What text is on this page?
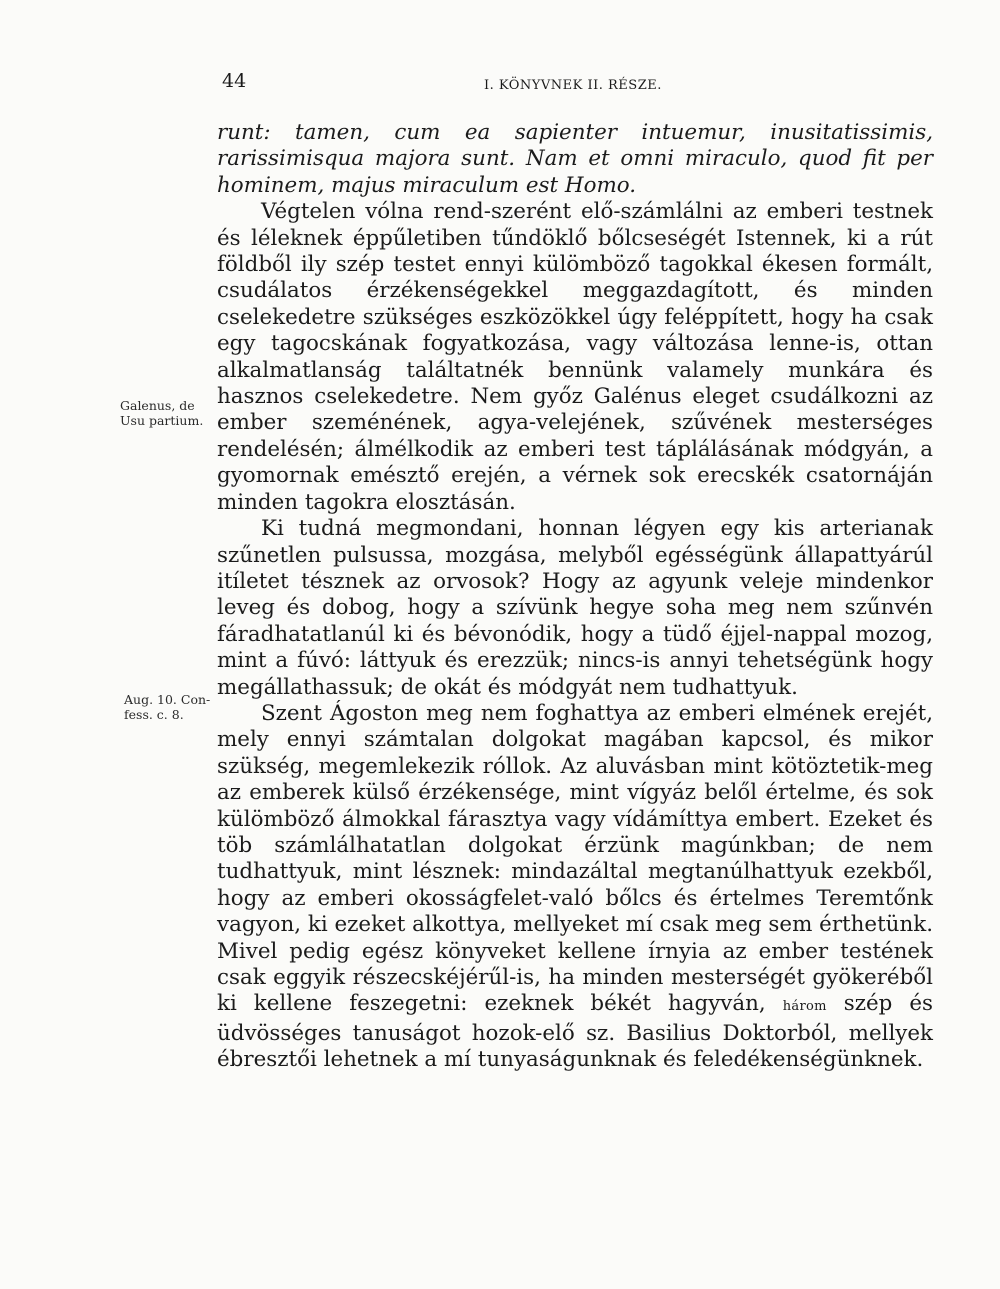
44	I. KÖNYVNEK II. RÉSZE.
Galenus, de Usu partium.
Aug. 10. Con-fess. c. 8.

runt: tamen, cum ea sapienter intuemur, inusitatissimis, rarissimisqua majora sunt. Nam et omni miraculo, quod fit per hominem, majus miraculum est Homo.

Végtelen vólna rend-szerént elő-számlálni az emberi testnek és léleknek éppűletiben tűndöklő bőlcseségét Istennek, ki a rút földből ily szép testet ennyi külömböző tagokkal ékesen formált, csudálatos érzékenségekkel meggazdagított, és minden cselekedetre szükséges eszközökkel úgy feléppített, hogy ha csak egy tagocskának fogyatkozása, vagy változása lenne-is, ottan alkalmatlanság találtatnék bennünk valamely munkára és hasznos cselekedetre. Nem győz Galénus eleget csudálkozni az ember szeménének, agya-velejének, szűvének mesterséges rendelésén; álmélkodik az emberi test táplálásának módgyán, a gyomornak emésztő erején, a vérnek sok erecskék csatornáján minden tagokra elosztásán.

Ki tudná megmondani, honnan légyen egy kis arterianak szűnetlen pulsussa, mozgása, melyből egésségünk állapattyárúl itíletet tésznek az orvosok? Hogy az agyunk veleje mindenkor leveg és dobog, hogy a szívünk hegye soha meg nem szűnvén fáradhatatlanúl ki és bévonódik, hogy a tüdő éjjel-nappal mozog, mint a fúvó: láttyuk és erezzük; nincs-is annyi tehetségünk hogy megállathassuk; de okát és módgyát nem tudhattyuk.

Szent Ágoston meg nem foghattya az emberi elmének erejét, mely ennyi számtalan dolgokat magában kapcsol, és mikor szükség, megemlekezik róllok. Az aluvásban mint kötöztetik-meg az emberek külső érzékensége, mint vígyáz belől értelme, és sok külömböző álmokkal fárasztya vagy vídámíttya embert. Ezeket és töb számlálhatatlan dolgokat érzünk magúnkban; de nem tudhattyuk, mint lésznek: mindazáltal megtanúlhattyuk ezekből, hogy az emberi okosságfelet-való bőlcs és értelmes Teremtőnk vagyon, ki ezeket alkottya, mellyeket mí csak meg sem érthetünk. Mivel pedig egész könyveket kellene írnyia az ember testének csak eggyik részecskéjérűl-is, ha minden mesterségét gyökeréből ki kellene feszegetni: ezeknek békét hagyván, három szép és üdvösséges tanuságot hozok-elő sz. Basilius Doktorból, mellyek ébresztői lehetnek a mí tunyaságunknak és feledékenségünknek.
